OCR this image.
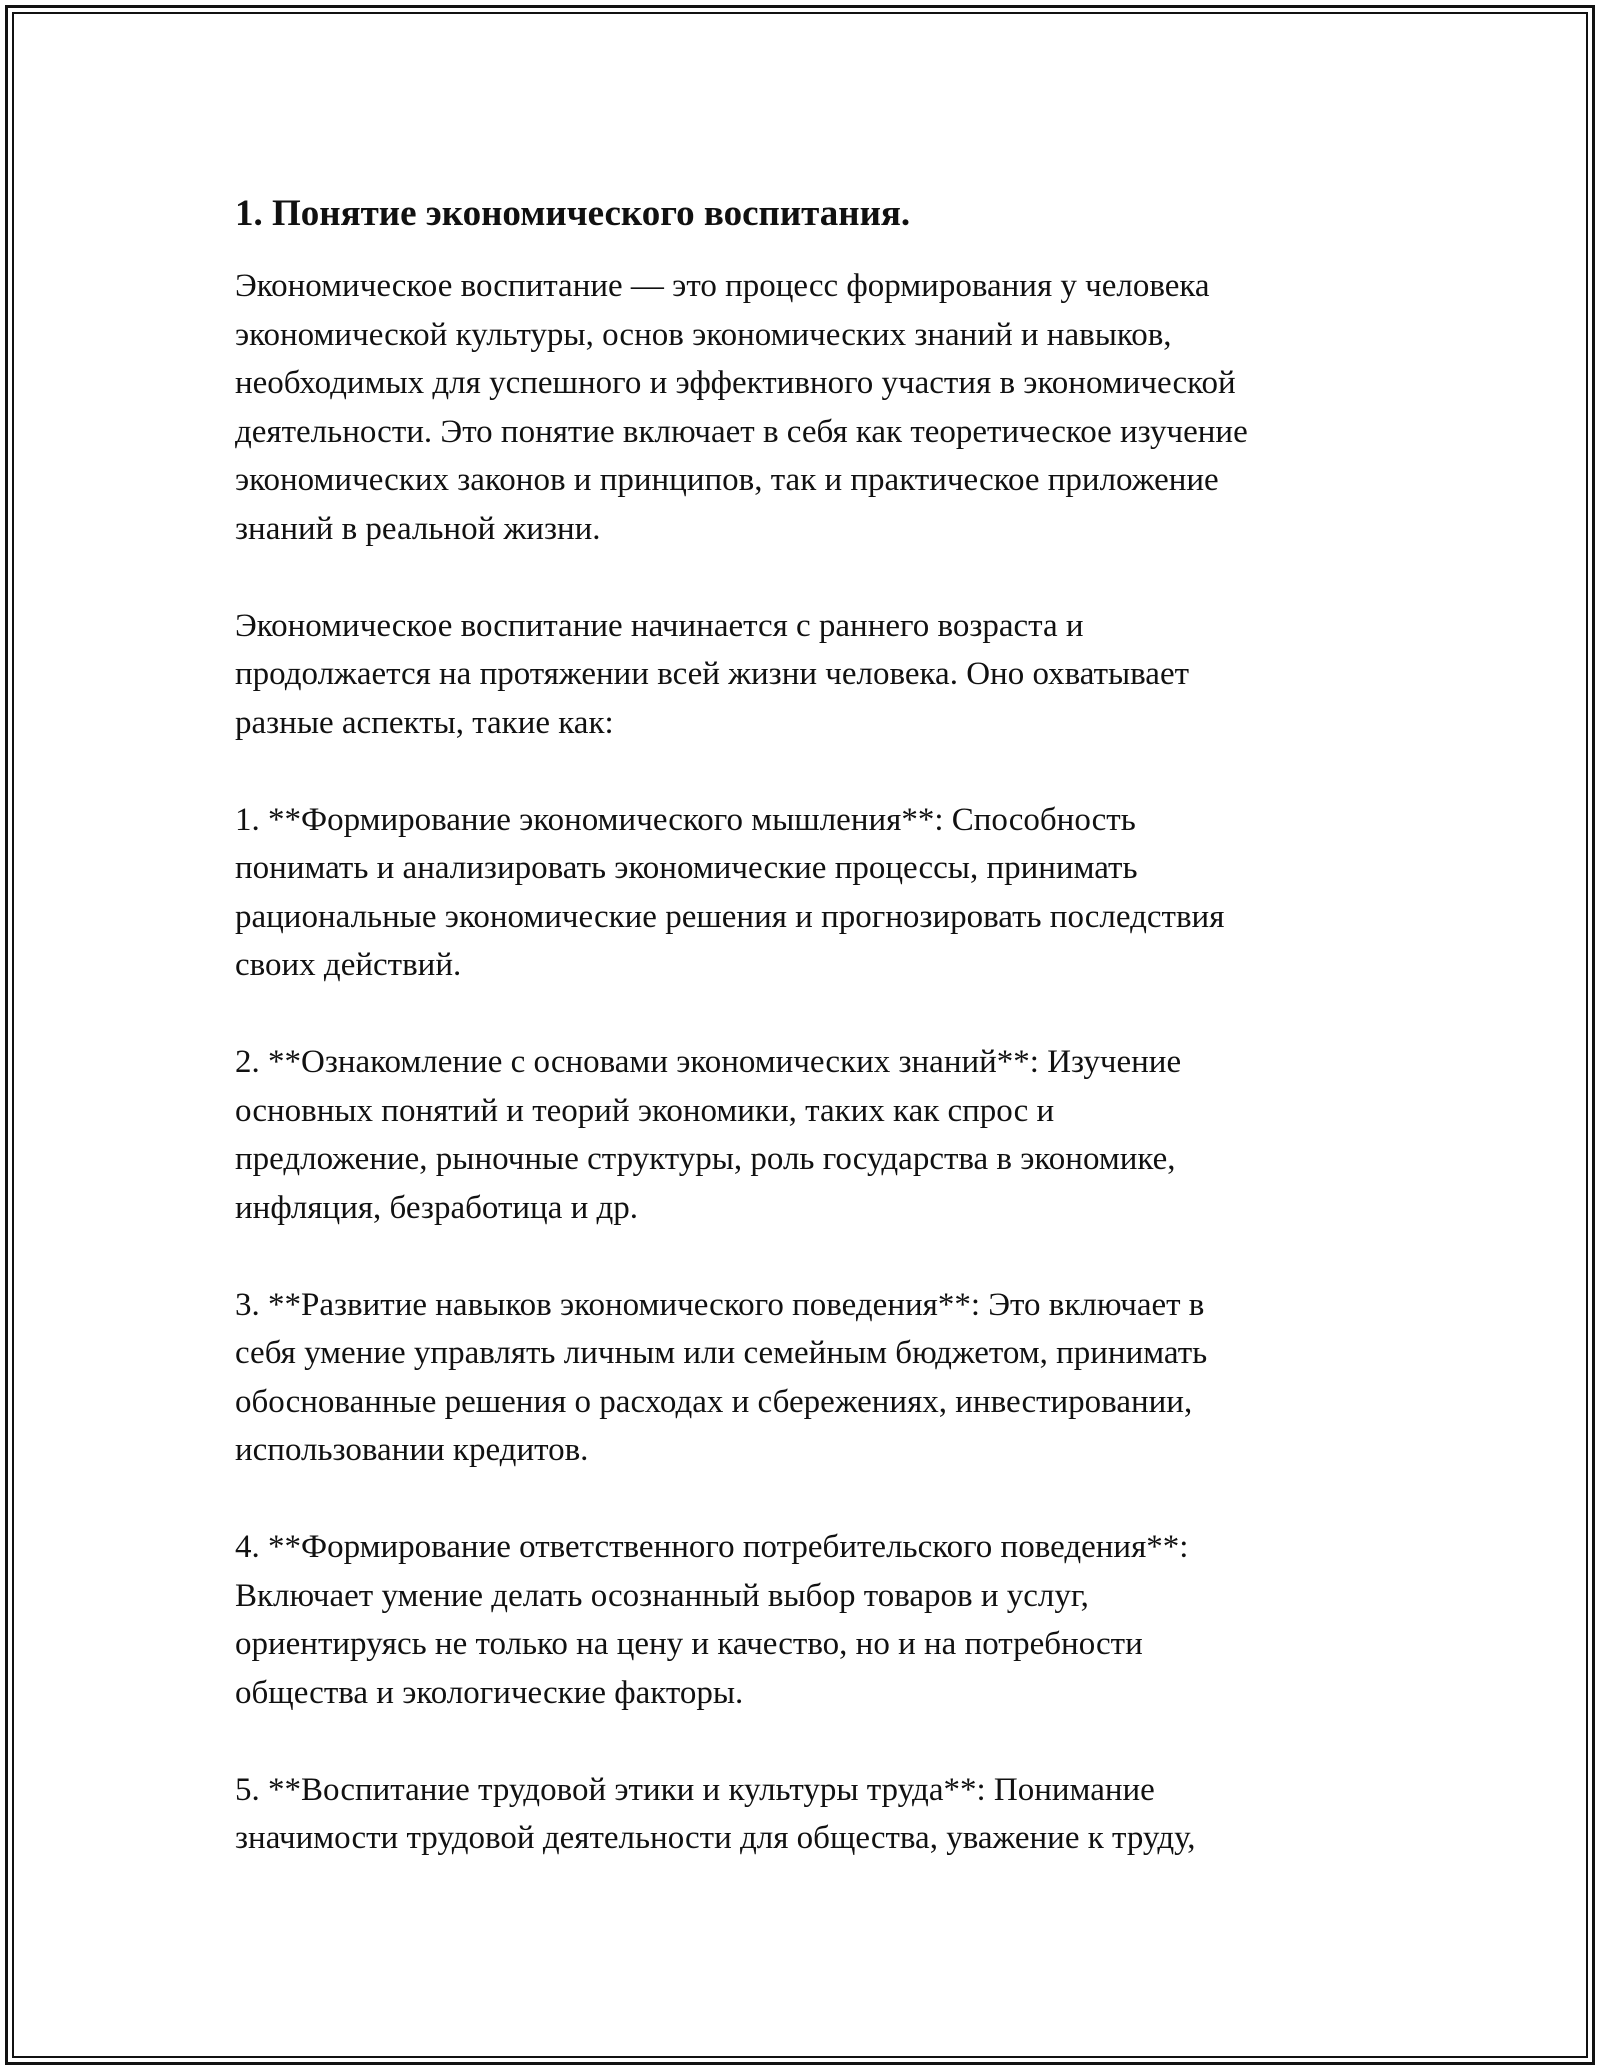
1. Понятие экономического воспитания.
Экономическое воспитание — это процесс формирования у человека
экономической культуры, основ экономических знаний и навыков,
необходимых для успешного и эффективного участия в экономической
деятельности. Это понятие включает в себя как теоретическое изучение
экономических законов и принципов, так и практическое приложение
знаний в реальной жизни.
Экономическое воспитание начинается с раннего возраста и
продолжается на протяжении всей жизни человека. Оно охватывает
разные аспекты, такие как:
1. **Формирование экономического мышления**: Способность
понимать и анализировать экономические процессы, принимать
рациональные экономические решения и прогнозировать последствия
своих действий.
2. **Ознакомление с основами экономических знаний**: Изучение
основных понятий и теорий экономики, таких как спрос и
предложение, рыночные структуры, роль государства в экономике,
инфляция, безработица и др.
3. **Развитие навыков экономического поведения**: Это включает в
себя умение управлять личным или семейным бюджетом, принимать
обоснованные решения о расходах и сбережениях, инвестировании,
использовании кредитов.
4. **Формирование ответственного потребительского поведения**:
Включает умение делать осознанный выбор товаров и услуг,
ориентируясь не только на цену и качество, но и на потребности
общества и экологические факторы.
5. **Воспитание трудовой этики и культуры труда**: Понимание
значимости трудовой деятельности для общества, уважение к труду,
